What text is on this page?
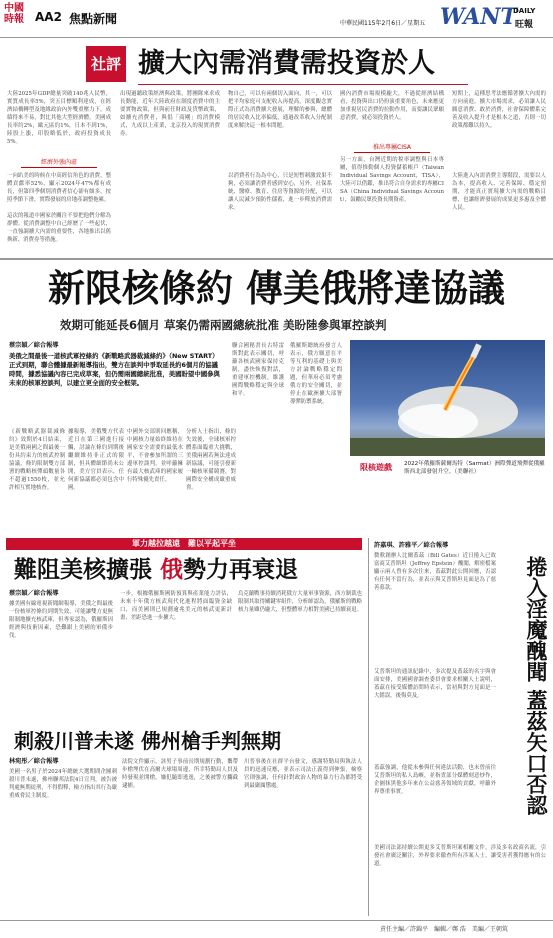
中國
時報 AA2 焦點新聞	中華民國115年2月6日／星期五 WANT
DAILY
旺報
社評 擴大內需消費需投資於人
大陸2025年GDP總量突破140兆人民幣，實質成長率5%，突五目標順利達成，在經濟結構轉型及地緣政治內外雙重壓力下，成績得來不易，對比其他大型經濟體，美國成長率約2%，歐元區約1%，日本不到1%，陸股上漲，印股略低於，政府投資成長5%。
經濟外強內虛
一向趴美的時候在中高經信角色的消費，整體貢獻率52%，顯示2024年47%都有成長，但第四季個別消費者信心卻有頗多，按照季節下滑，實際發展的房地產調整拖累。
這次的報道中國家於關注不要把他們分解為群體。從消費調整中自己經歷了一些起伏，一直強調擴大內需的重要性，各地推出以舊換新、消費券等措施。
出現過聽政策經濟與政策，將團隊來求成長動能，近年大陸政府在制度消費中的主要實物政策，但與前任財政及貨幣政策，如擴充消費者，與倡「商剛」的消費模式，九成以上產業，北京投入的現實消費券。
物自己，可以有兩個切入面向，其一，可以把平均家庭可支配收入再提高，深度觀念實際正式為消費擴大發展，理解的參與，總體的居民收入比率偏低，通過改革收入分配制度來解決這一根本問題。
以消費者行為為中心，只是短暫刺激效果不夠，必須讓消費者感到安心，另外，社保系統、醫療、教育、住房等資源的分配，可以讓人民減少預防性儲蓄，進一步釋放消費需求。
國內消費市場規模龐大，不過從經濟結構看，投資與出口仍扮演重要角色，未來應更加重視居民消費的拉動作用，而要讓民眾願意消費，就必須投資於人。
推出專屬CISA
另一方面，台灣近期的稅率調整與日本專屬，值得推動個人投資儲蓄帳戶（Taiwan Individual Savings Account，TISA），大陸可以借鑑，推出符合自身需求的專屬CISA（China Individual Savings Account），鼓勵民眾投資長期資產。
短期上，這種思考法應循著擴大內需的方向前進，擴大市場需求，必須讓人民願意消費、敢於消費，社會保障體系完善及收入提升才是根本之道，否則一切政策都難以持久。
大陸進入內需消費主導階段，需要以人為本，提高收入、完善保障、穩定預期，才能真正實現擴大內需的戰略目標，也讓經濟發展的成果更多惠及全體人民。
新限核條約 傳美俄將達協議
效期可能延長6個月 草案仍需兩國總統批准 美盼陸參與軍控談判
蔡宗穎／綜合報導
美俄之間最後一道核武軍控條約《新戰略武器裁減條約》（New START）正式到期，聯合體據最新報導指出，雙方在談判中爭取延長約6個月的協議時間，據悉協議內容已完成草案，但仍需兩國總統批准，美國盼望中國參與未來的核軍控談判，以建立更全面的安全框架。
《新戰略武器裁減條約》效期於4日結束，是美俄兩國之間最後一份具約束力的核武控制協議，條約限制雙方部署的戰略核彈頭數量各不超過1550枚，並允許相互實地核查。
據報導，美俄雙方代表近日在第三國進行接觸，討論在條約到期後繼續維持非正式的限制，但具體細節尚未公開，美方官員表示，任何新協議都必須包含中國。
中國外交部則回應稱，中國核力量始終維持在國家安全需要的最低水平，不會參加所謂的三邊軍控談判，並呼籲擁有最大核武庫的國家履行特殊優先責任。
分析人士指出，條約失效後，全球核軍控體系面臨重大挑戰，美俄兩國若無法達成新協議，可能引發新一輪核軍備競賽，對國際安全構成嚴重威脅。
聯合國秘書長古特雷斯對此表示關切，呼籲各核武國家保持克制，盡快恢復對話，重建軍控機制，維護國際戰略穩定與全球和平。
俄羅斯總統府發言人表示，俄方願意在平等互利的基礎上與美方討論戰略穩定問題，但華府必須考慮俄方的安全關切，並停止在歐洲擴大部署導彈防禦系統。
限核遊戲 2022年俄羅斯薩爾馬特（Sarmat）洲際彈道飛彈從俄羅斯西北部發射升空。（美聯社）
軍力越拉越遠　難以平起平坐
難阻美核擴張 俄勢力再衰退
蔡宗穎／綜合報導
據美國有線電視新聞網報導，美俄之間最後一份核軍控條約到期失效，可能讓雙方更無限制地擴充核武庫，但專家認為，俄羅斯因經濟與技術因素，恐難跟上美國的軍備步伐。
一步，根據俄羅斯國防預算與產業能力評估，未來十年俄方核武現代化進程將面臨資金缺口，而美國則已規劃逾兆美元的核武更新計畫，差距恐進一步擴大。
烏克蘭戰事持續消耗俄方大量軍事資源，西方制裁也限制其取得關鍵零組件，分析師認為，俄羅斯的戰略核力量雖仍龐大，但整體軍力相對美國已持續衰退。
刺殺川普未遂 佛州槍手判無期
林宛彤／綜合報導
美國一名男子於2024年總統大選期間企圖刺殺川普未遂，佛州聯邦法院4日宣判，被告被判處無期徒刑，不得假釋，檢方指出其行為嚴重威脅民主制度。
法院文件顯示，該男子事前長期規劃行動，攜帶步槍埋伏在高爾夫球場周邊，所幸特勤局人員及時發現並開槍，嫌犯隨即逃逸，之後被警方攔截逮捕。
川普事後在社群平台發文，感謝特勤局與執法人員的迅速反應，並表示司法正義得到伸張，檢察官則強調，任何針對政治人物的暴力行為都將受到最嚴厲懲處。
許嘉琪、許雅平／綜合報導
微軟創辦人比爾蓋茲（Bill Gates）近日捲入已故富商艾普斯坦（Jeffrey Epstein）醜聞，解密檔案顯示兩人曾有多次往來，蓋茲對此公開回應，否認有任何不當行為，並表示與艾普斯坦見面是為了慈善募款。	捲入淫魔醜聞 蓋茲矢口否認
艾普斯坦的通訊紀錄中，多次提及蓋茲的名字與會面安排，美國國會調查委員會要求相關人士說明，蓋茲在接受媒體訪問時表示，當初與對方見面是一大錯誤，後悔莫及。
蓋茲強調，他從未參與任何違法活動，也未曾前往艾普斯坦的私人島嶼，並指責部分媒體刻意炒作，企圖抹黑他多年來在公益慈善領域的貢獻，呼籲外界尊重事實。
美國司法部持續公開更多艾普斯坦案相關文件，涉及多名政商名流，引發社會廣泛關注，外界要求徹查所有涉案人士，讓受害者獲得應有的公道。
責任主編／許錦平　編輯／鄭 浩　美編／王朝筑
